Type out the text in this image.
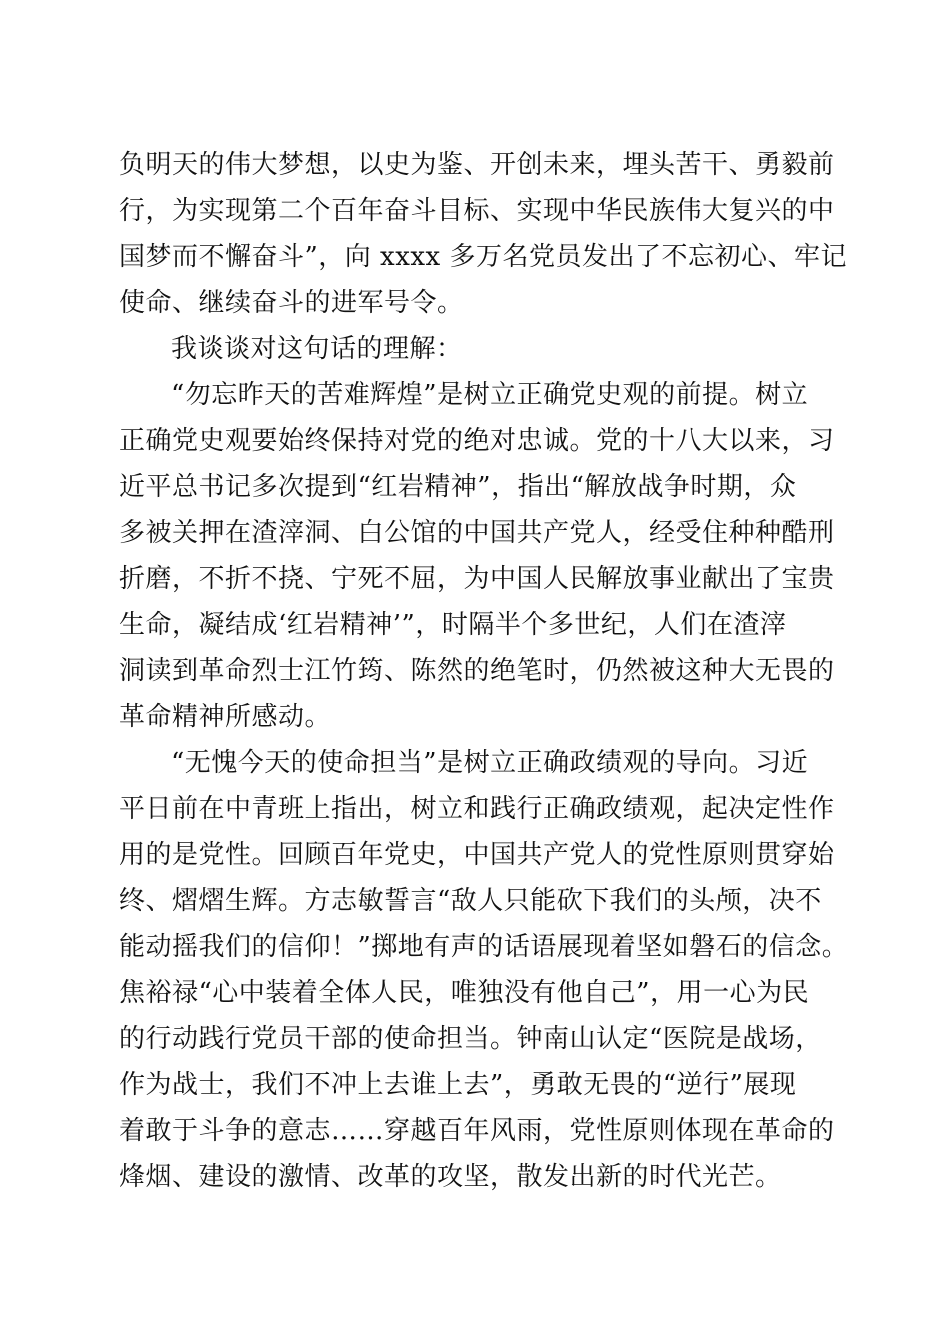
负明天的伟大梦想，以史为鉴、开创未来，埋头苦干、勇毅前
行，为实现第二个百年奋斗目标、实现中华民族伟大复兴的中
国梦而不懈奋斗”，向 xxxx 多万名党员发出了不忘初心、牢记
使命、继续奋斗的进军号令。
我谈谈对这句话的理解：
“勿忘昨天的苦难辉煌”是树立正确党史观的前提。树立
正确党史观要始终保持对党的绝对忠诚。党的十八大以来，习
近平总书记多次提到“红岩精神”，指出“解放战争时期，众
多被关押在渣滓洞、白公馆的中国共产党人，经受住种种酷刑
折磨，不折不挠、宁死不屈，为中国人民解放事业献出了宝贵
生命，凝结成‘红岩精神’”，时隔半个多世纪，人们在渣滓
洞读到革命烈士江竹筠、陈然的绝笔时，仍然被这种大无畏的
革命精神所感动。
“无愧今天的使命担当”是树立正确政绩观的导向。习近
平日前在中青班上指出，树立和践行正确政绩观，起决定性作
用的是党性。回顾百年党史，中国共产党人的党性原则贯穿始
终、熠熠生辉。方志敏誓言“敌人只能砍下我们的头颅，决不
能动摇我们的信仰！”掷地有声的话语展现着坚如磐石的信念。
焦裕禄“心中装着全体人民，唯独没有他自己”，用一心为民
的行动践行党员干部的使命担当。钟南山认定“医院是战场，
作为战士，我们不冲上去谁上去”，勇敢无畏的“逆行”展现
着敢于斗争的意志……穿越百年风雨，党性原则体现在革命的
烽烟、建设的激情、改革的攻坚，散发出新的时代光芒。
